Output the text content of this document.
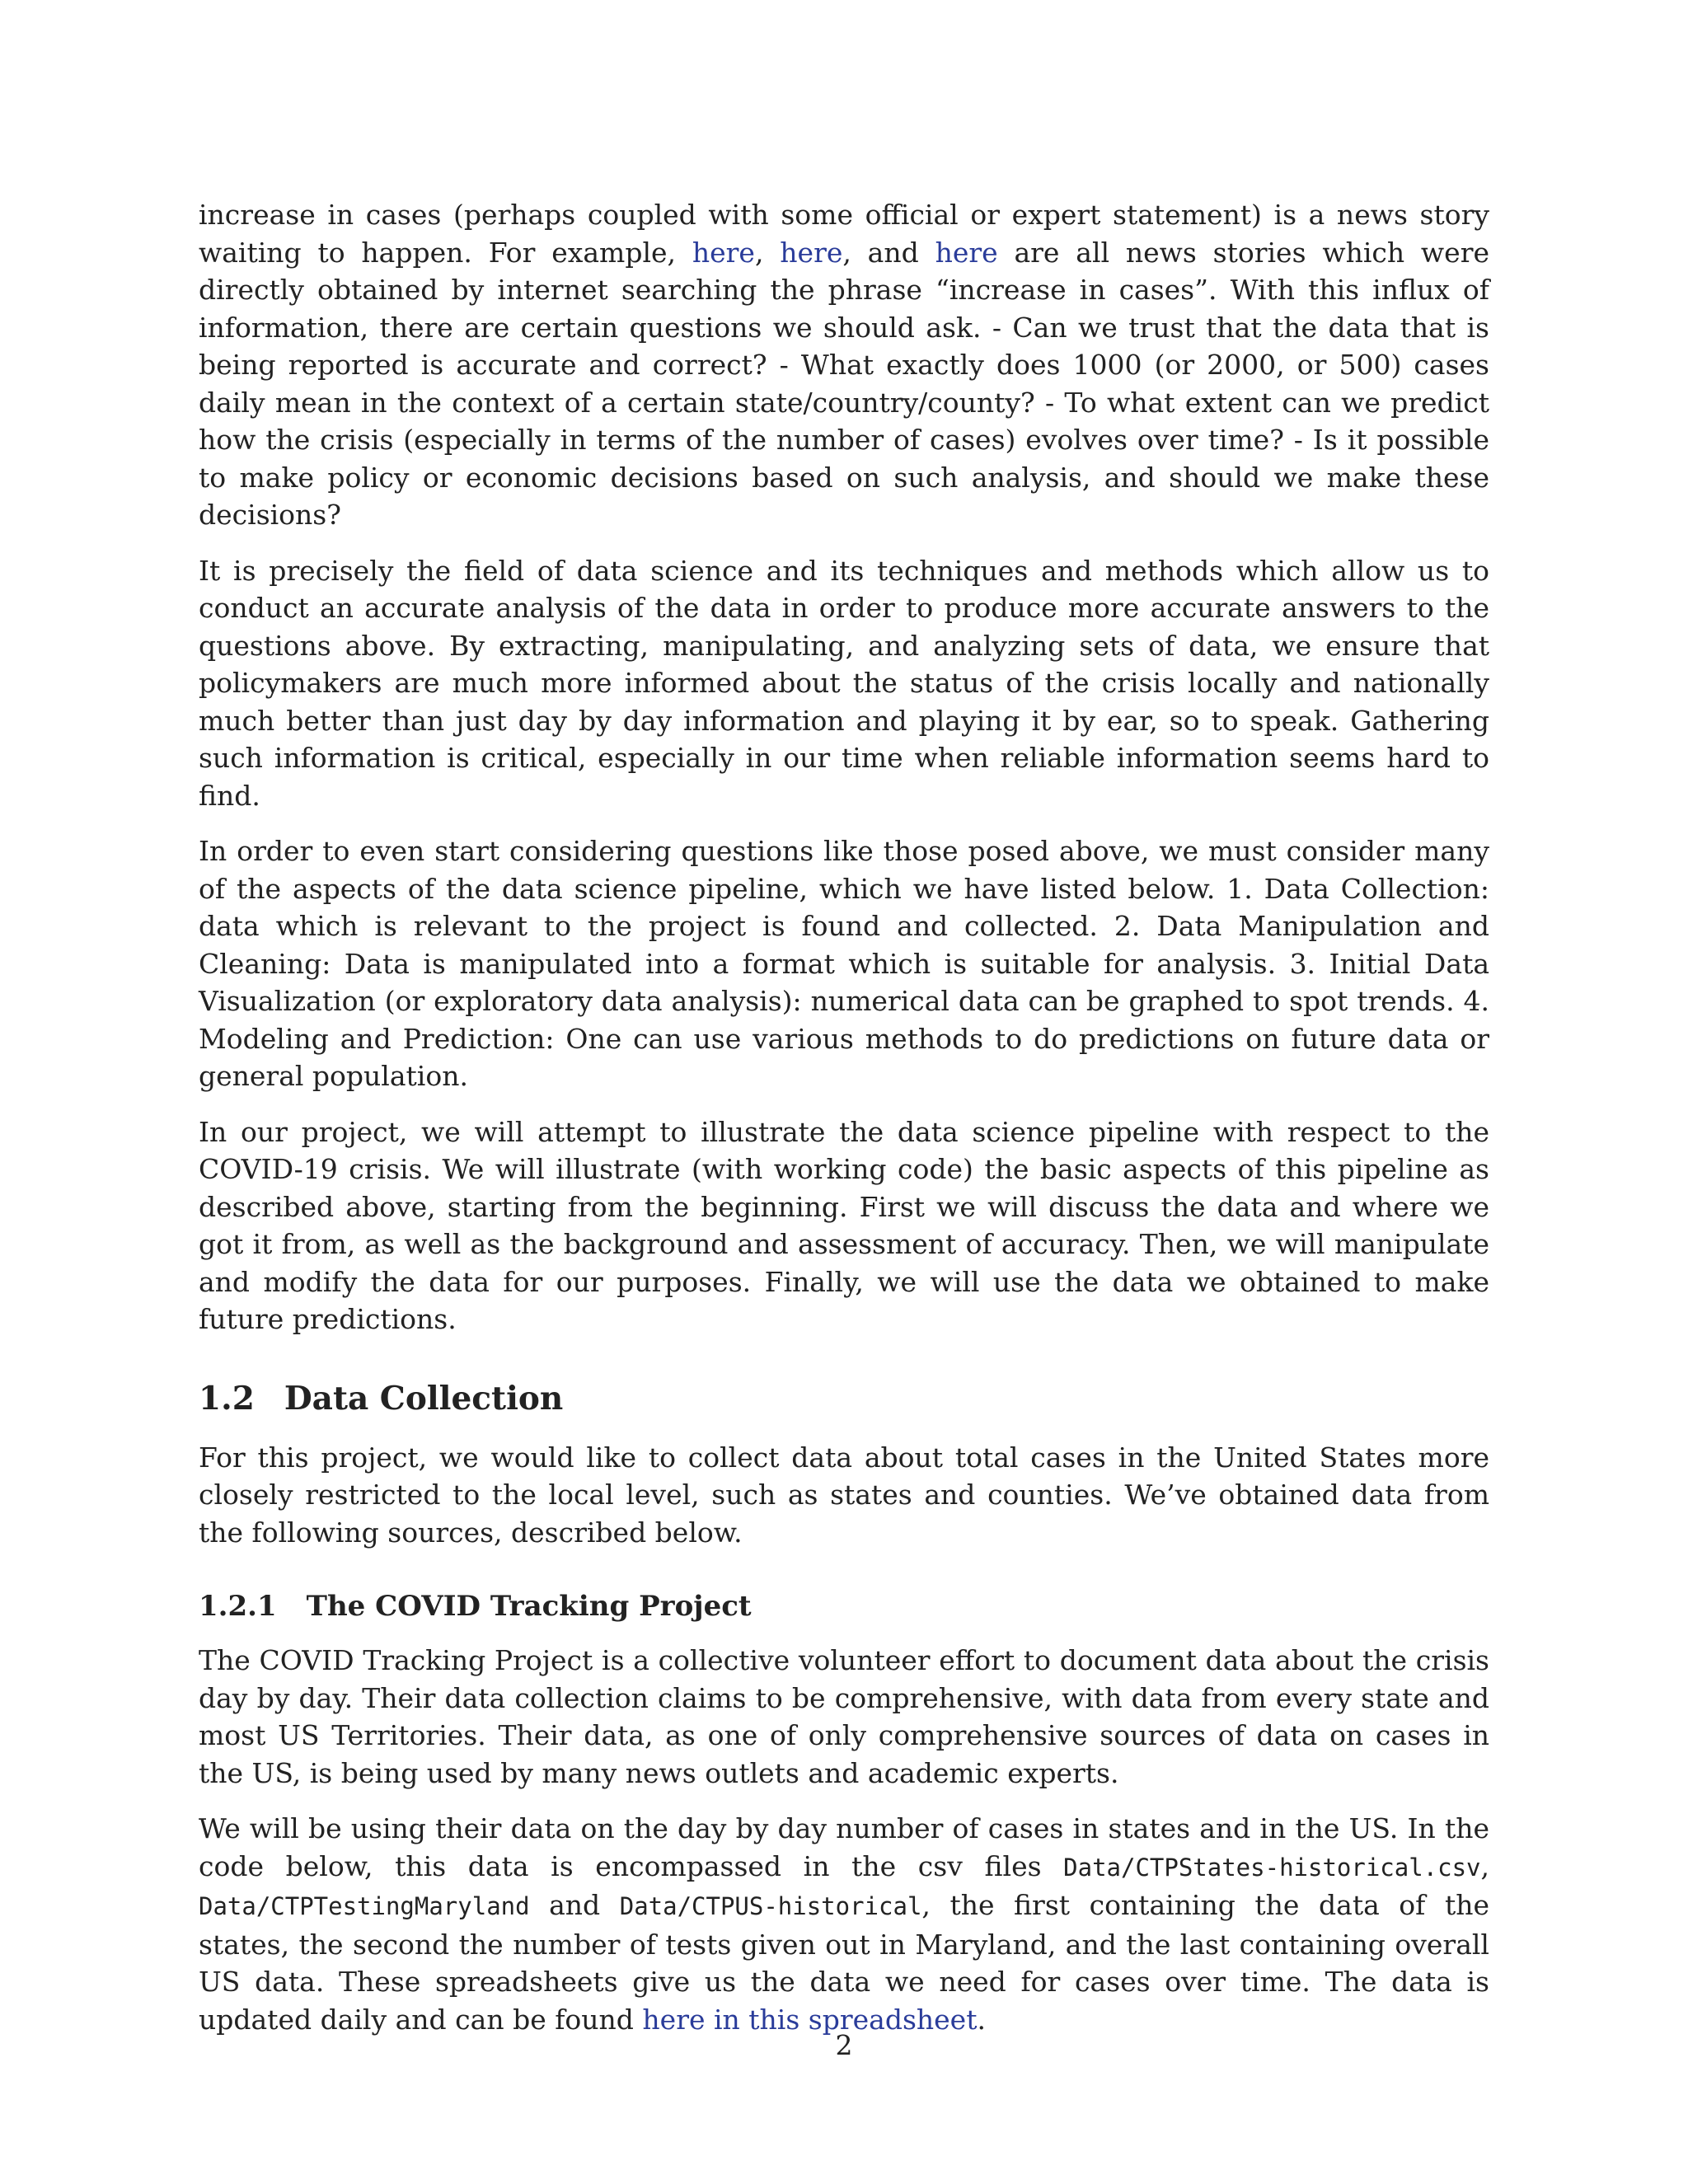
increase in cases (perhaps coupled with some official or expert statement) is a news story waiting to happen. For example, here, here, and here are all news stories which were directly obtained by internet searching the phrase “increase in cases”. With this influx of information, there are certain questions we should ask. - Can we trust that the data that is being reported is accurate and correct? - What exactly does 1000 (or 2000, or 500) cases daily mean in the context of a certain state/country/county? - To what extent can we predict how the crisis (especially in terms of the number of cases) evolves over time? - Is it possible to make policy or economic decisions based on such analysis, and should we make these decisions?

It is precisely the field of data science and its techniques and methods which allow us to conduct an accurate analysis of the data in order to produce more accurate answers to the questions above. By extracting, manipulating, and analyzing sets of data, we ensure that policymakers are much more informed about the status of the crisis locally and nationally much better than just day by day information and playing it by ear, so to speak. Gathering such information is critical, especially in our time when reliable information seems hard to find.

In order to even start considering questions like those posed above, we must consider many of the aspects of the data science pipeline, which we have listed below. 1. Data Collection: data which is relevant to the project is found and collected. 2. Data Manipulation and Cleaning: Data is manipulated into a format which is suitable for analysis. 3. Initial Data Visualization (or exploratory data analysis): numerical data can be graphed to spot trends. 4. Modeling and Prediction: One can use various methods to do predictions on future data or general population.

In our project, we will attempt to illustrate the data science pipeline with respect to the COVID-19 crisis. We will illustrate (with working code) the basic aspects of this pipeline as described above, starting from the beginning. First we will discuss the data and where we got it from, as well as the background and assessment of accuracy. Then, we will manipulate and modify the data for our purposes. Finally, we will use the data we obtained to make future predictions.

1.2 Data Collection

For this project, we would like to collect data about total cases in the United States more closely restricted to the local level, such as states and counties. We’ve obtained data from the following sources, described below.

1.2.1 The COVID Tracking Project

The COVID Tracking Project is a collective volunteer effort to document data about the crisis day by day. Their data collection claims to be comprehensive, with data from every state and most US Territories. Their data, as one of only comprehensive sources of data on cases in the US, is being used by many news outlets and academic experts.

We will be using their data on the day by day number of cases in states and in the US. In the code below, this data is encompassed in the csv files Data/CTPStates-historical.csv, Data/CTPTestingMaryland and Data/CTPUS-historical, the first containing the data of the states, the second the number of tests given out in Maryland, and the last containing overall US data. These spreadsheets give us the data we need for cases over time. The data is updated daily and can be found here in this spreadsheet.

2
